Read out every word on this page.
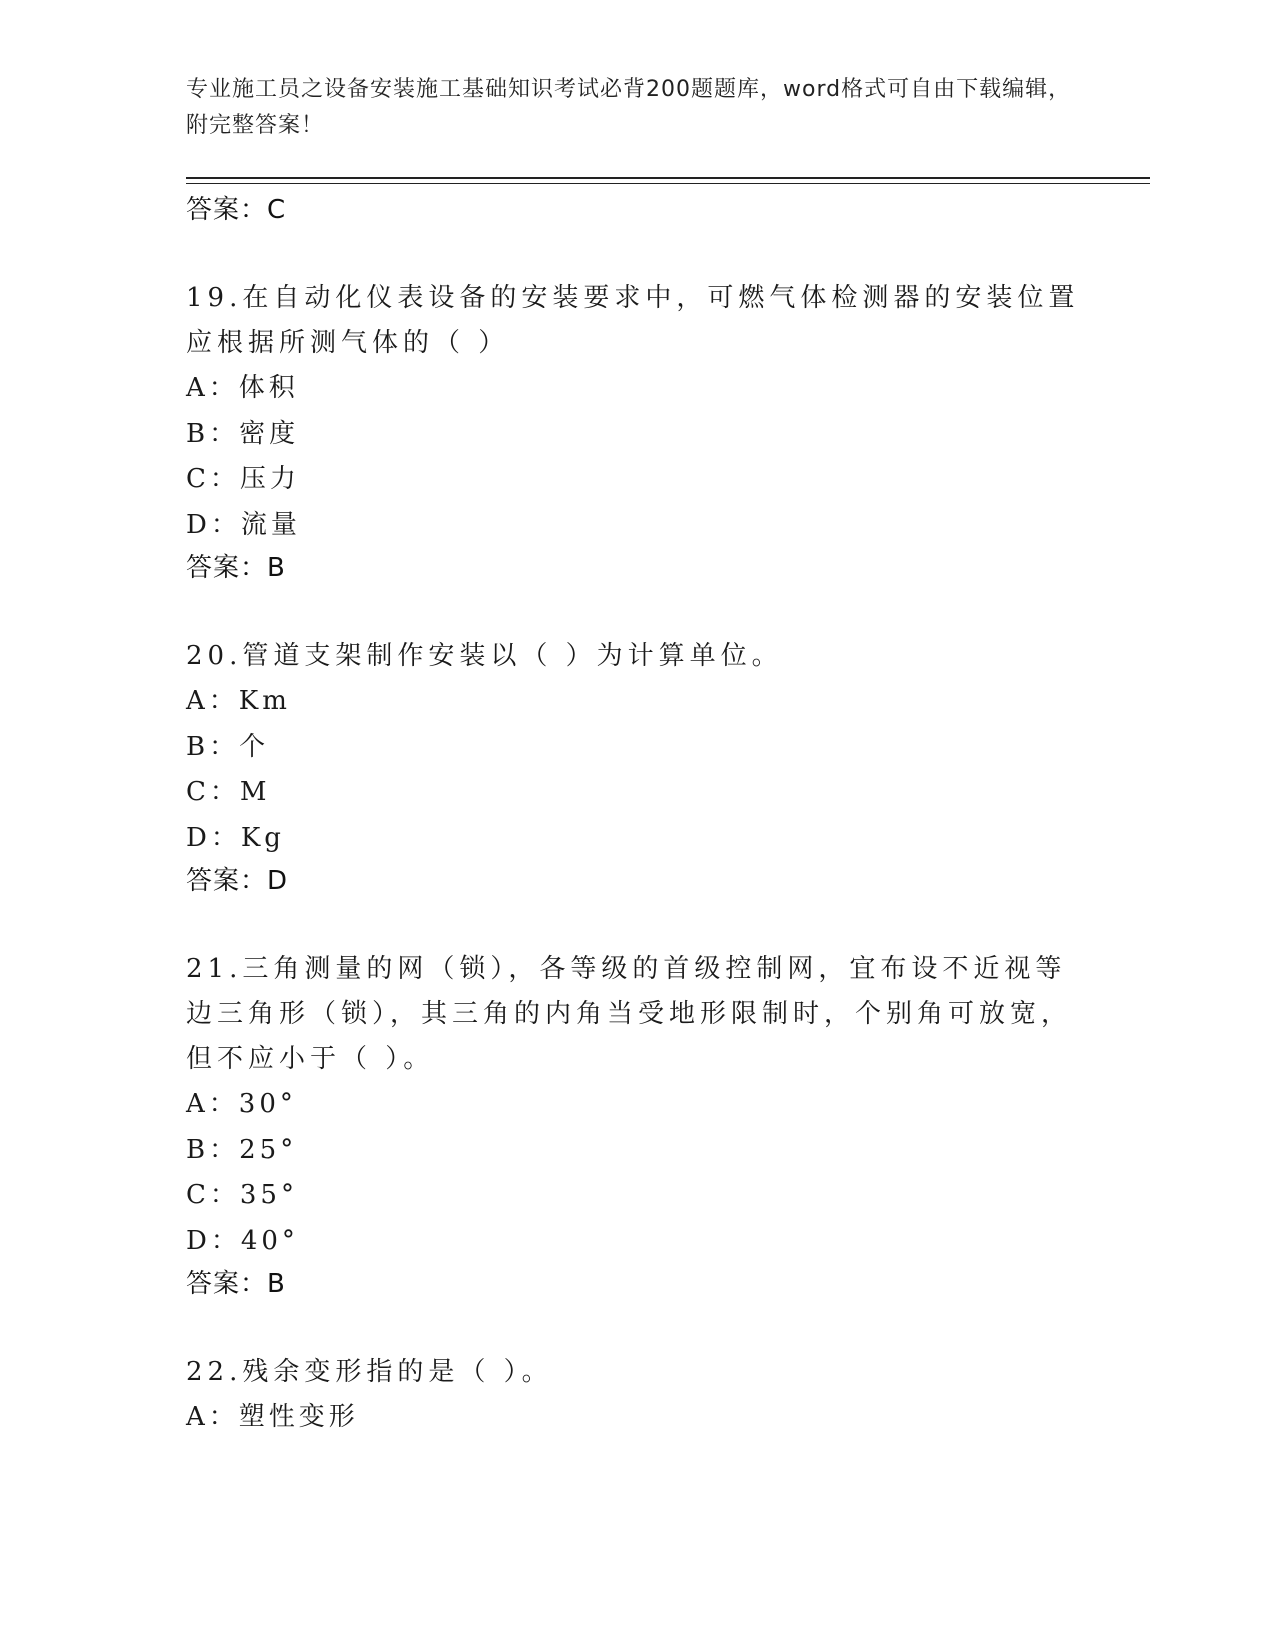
专业施工员之设备安装施工基础知识考试必背200题题库，word格式可自由下载编辑，附完整答案！
答案：C
19.在自动化仪表设备的安装要求中，可燃气体检测器的安装位置应根据所测气体的（ ）
A：体积
B：密度
C：压力
D：流量
答案：B
20.管道支架制作安装以（ ）为计算单位。
A：Km
B：个
C：M
D：Kg
答案：D
21.三角测量的网（锁），各等级的首级控制网，宜布设不近视等边三角形（锁），其三角的内角当受地形限制时，个别角可放宽，但不应小于（ ）。
A：30°
B：25°
C：35°
D：40°
答案：B
22.残余变形指的是（ ）。
A：塑性变形
